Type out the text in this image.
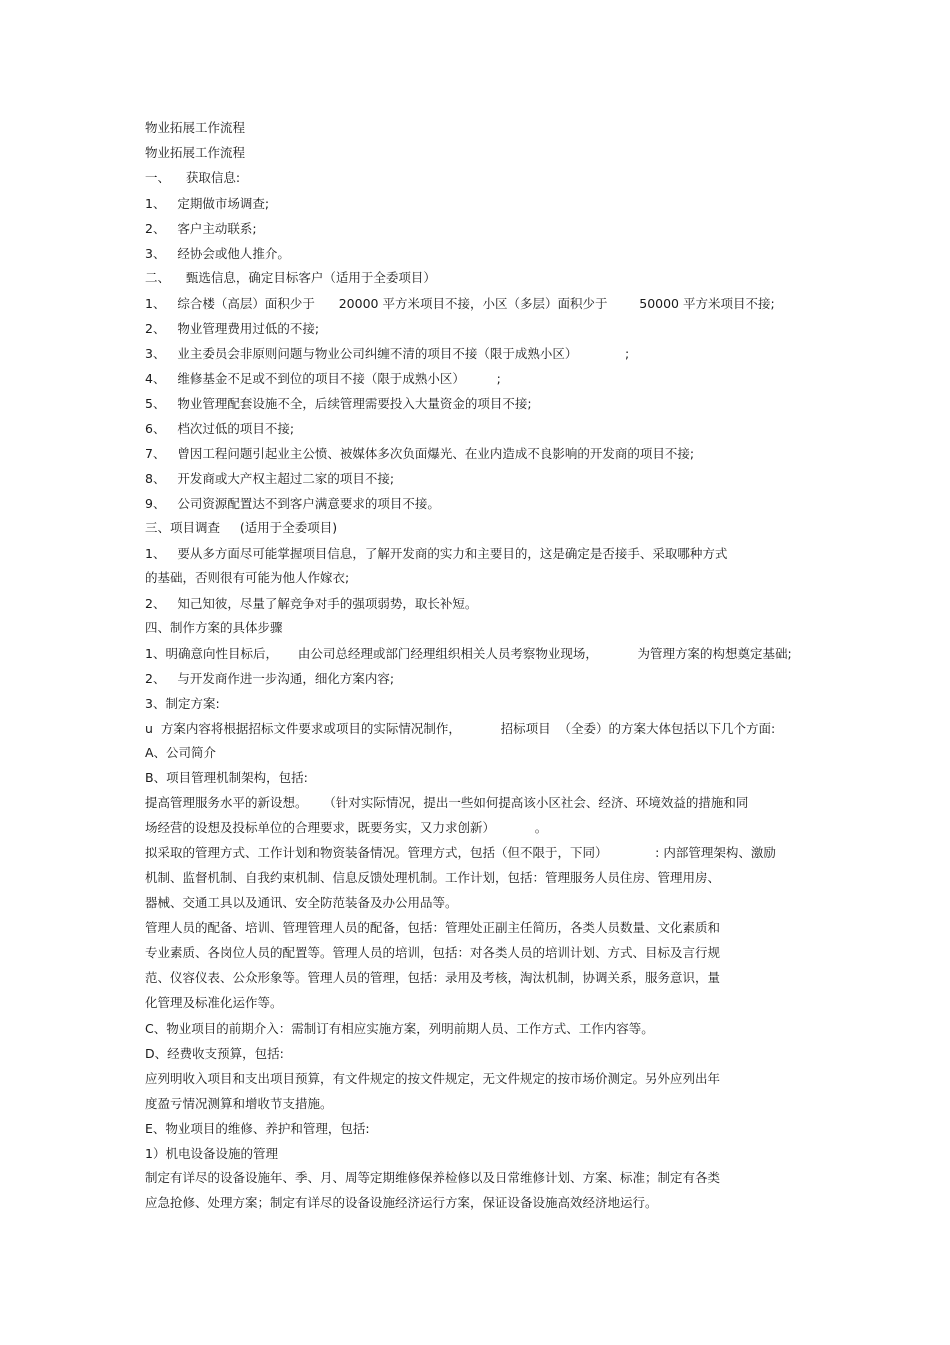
物业拓展工作流程
物业拓展工作流程
一、    获取信息:
1、   定期做市场调查;
2、   客户主动联系;
3、   经协会或他人推介。
二、    甄选信息，确定目标客户（适用于全委项目）
1、   综合楼（高层）面积少于      20000 平方米项目不接，小区（多层）面积少于        50000 平方米项目不接;
2、   物业管理费用过低的不接;
3、   业主委员会非原则问题与物业公司纠缠不清的项目不接（限于成熟小区）            ;
4、   维修基金不足或不到位的项目不接（限于成熟小区）        ;
5、   物业管理配套设施不全，后续管理需要投入大量资金的项目不接;
6、   档次过低的项目不接;
7、   曾因工程问题引起业主公愤、被媒体多次负面爆光、在业内造成不良影响的开发商的项目不接;
8、   开发商或大产权主超过二家的项目不接;
9、   公司资源配置达不到客户满意要求的项目不接。
三、项目调查     (适用于全委项目)
1、   要从多方面尽可能掌握项目信息，了解开发商的实力和主要目的，这是确定是否接手、采取哪种方式
的基础，否则很有可能为他人作嫁衣;
2、   知己知彼，尽量了解竞争对手的强项弱势，取长补短。
四、制作方案的具体步骤
1、明确意向性目标后，     由公司总经理或部门经理组织相关人员考察物业现场，          为管理方案的构想奠定基础;
2、   与开发商作进一步沟通，细化方案内容;
3、制定方案:
u  方案内容将根据招标文件要求或项目的实际情况制作，          招标项目  （全委）的方案大体包括以下几个方面:
A、公司简介
B、项目管理机制架构，包括:
提高管理服务水平的新设想。    （针对实际情况，提出一些如何提高该小区社会、经济、环境效益的措施和同
场经营的设想及投标单位的合理要求，既要务实，又力求创新）          。
拟采取的管理方式、工作计划和物资装备情况。管理方式，包括（但不限于，下同）            : 内部管理架构、激励
机制、监督机制、自我约束机制、信息反馈处理机制。工作计划，包括：管理服务人员住房、管理用房、
器械、交通工具以及通讯、安全防范装备及办公用品等。
管理人员的配备、培训、管理管理人员的配备，包括：管理处正副主任简历，各类人员数量、文化素质和
专业素质、各岗位人员的配置等。管理人员的培训，包括：对各类人员的培训计划、方式、目标及言行规
范、仪容仪表、公众形象等。管理人员的管理，包括：录用及考核，淘汰机制，协调关系，服务意识，量
化管理及标准化运作等。
C、物业项目的前期介入：需制订有相应实施方案，列明前期人员、工作方式、工作内容等。
D、经费收支预算，包括:
应列明收入项目和支出项目预算，有文件规定的按文件规定，无文件规定的按市场价测定。另外应列出年
度盈亏情况测算和增收节支措施。
E、物业项目的维修、养护和管理，包括:
1）机电设备设施的管理
制定有详尽的设备设施年、季、月、周等定期维修保养检修以及日常维修计划、方案、标准；制定有各类
应急抢修、处理方案；制定有详尽的设备设施经济运行方案，保证设备设施高效经济地运行。
